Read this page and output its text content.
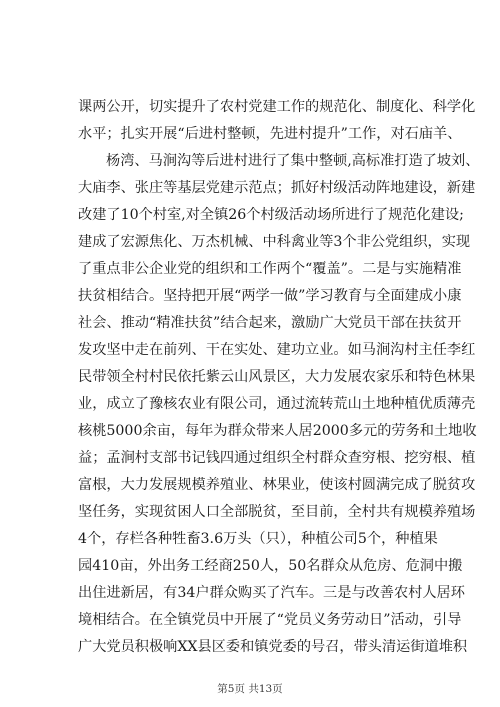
课两公开，切实提升了农村党建工作的规范化、制度化、科学化
水平；扎实开展“后进村整顿，先进村提升”工作，对石庙羊、
杨湾、马涧沟等后进村进行了集中整顿,高标准打造了坡刘、
大庙李、张庄等基层党建示范点；抓好村级活动阵地建设，新建
改建了10个村室,对全镇26个村级活动场所进行了规范化建设;
建成了宏源焦化、万杰机械、中科禽业等3个非公党组织，实现
了重点非公企业党的组织和工作两个“覆盖”。二是与实施精准
扶贫相结合。坚持把开展“两学一做”学习教育与全面建成小康
社会、推动“精准扶贫”结合起来，激励广大党员干部在扶贫开
发攻坚中走在前列、干在实处、建功立业。如马涧沟村主任李红
民带领全村村民依托紫云山风景区，大力发展农家乐和特色林果
业，成立了豫核农业有限公司，通过流转荒山土地种植优质薄壳
核桃5000余亩，每年为群众带来人居2000多元的劳务和土地收
益；孟涧村支部书记钱四通过组织全村群众查穷根、挖穷根、植
富根，大力发展规模养殖业、林果业，使该村圆满完成了脱贫攻
坚任务，实现贫困人口全部脱贫，至目前，全村共有规模养殖场
4个，存栏各种牲畜3.6万头（只），种植公司5个，种植果
园410亩，外出务工经商250人，50名群众从危房、危洞中搬
出住进新居，有34户群众购买了汽车。三是与改善农村人居环
境相结合。在全镇党员中开展了“党员义务劳动日”活动，引导
广大党员积极响XX县区委和镇党委的号召，带头清运街道堆积
第5页 共13页
